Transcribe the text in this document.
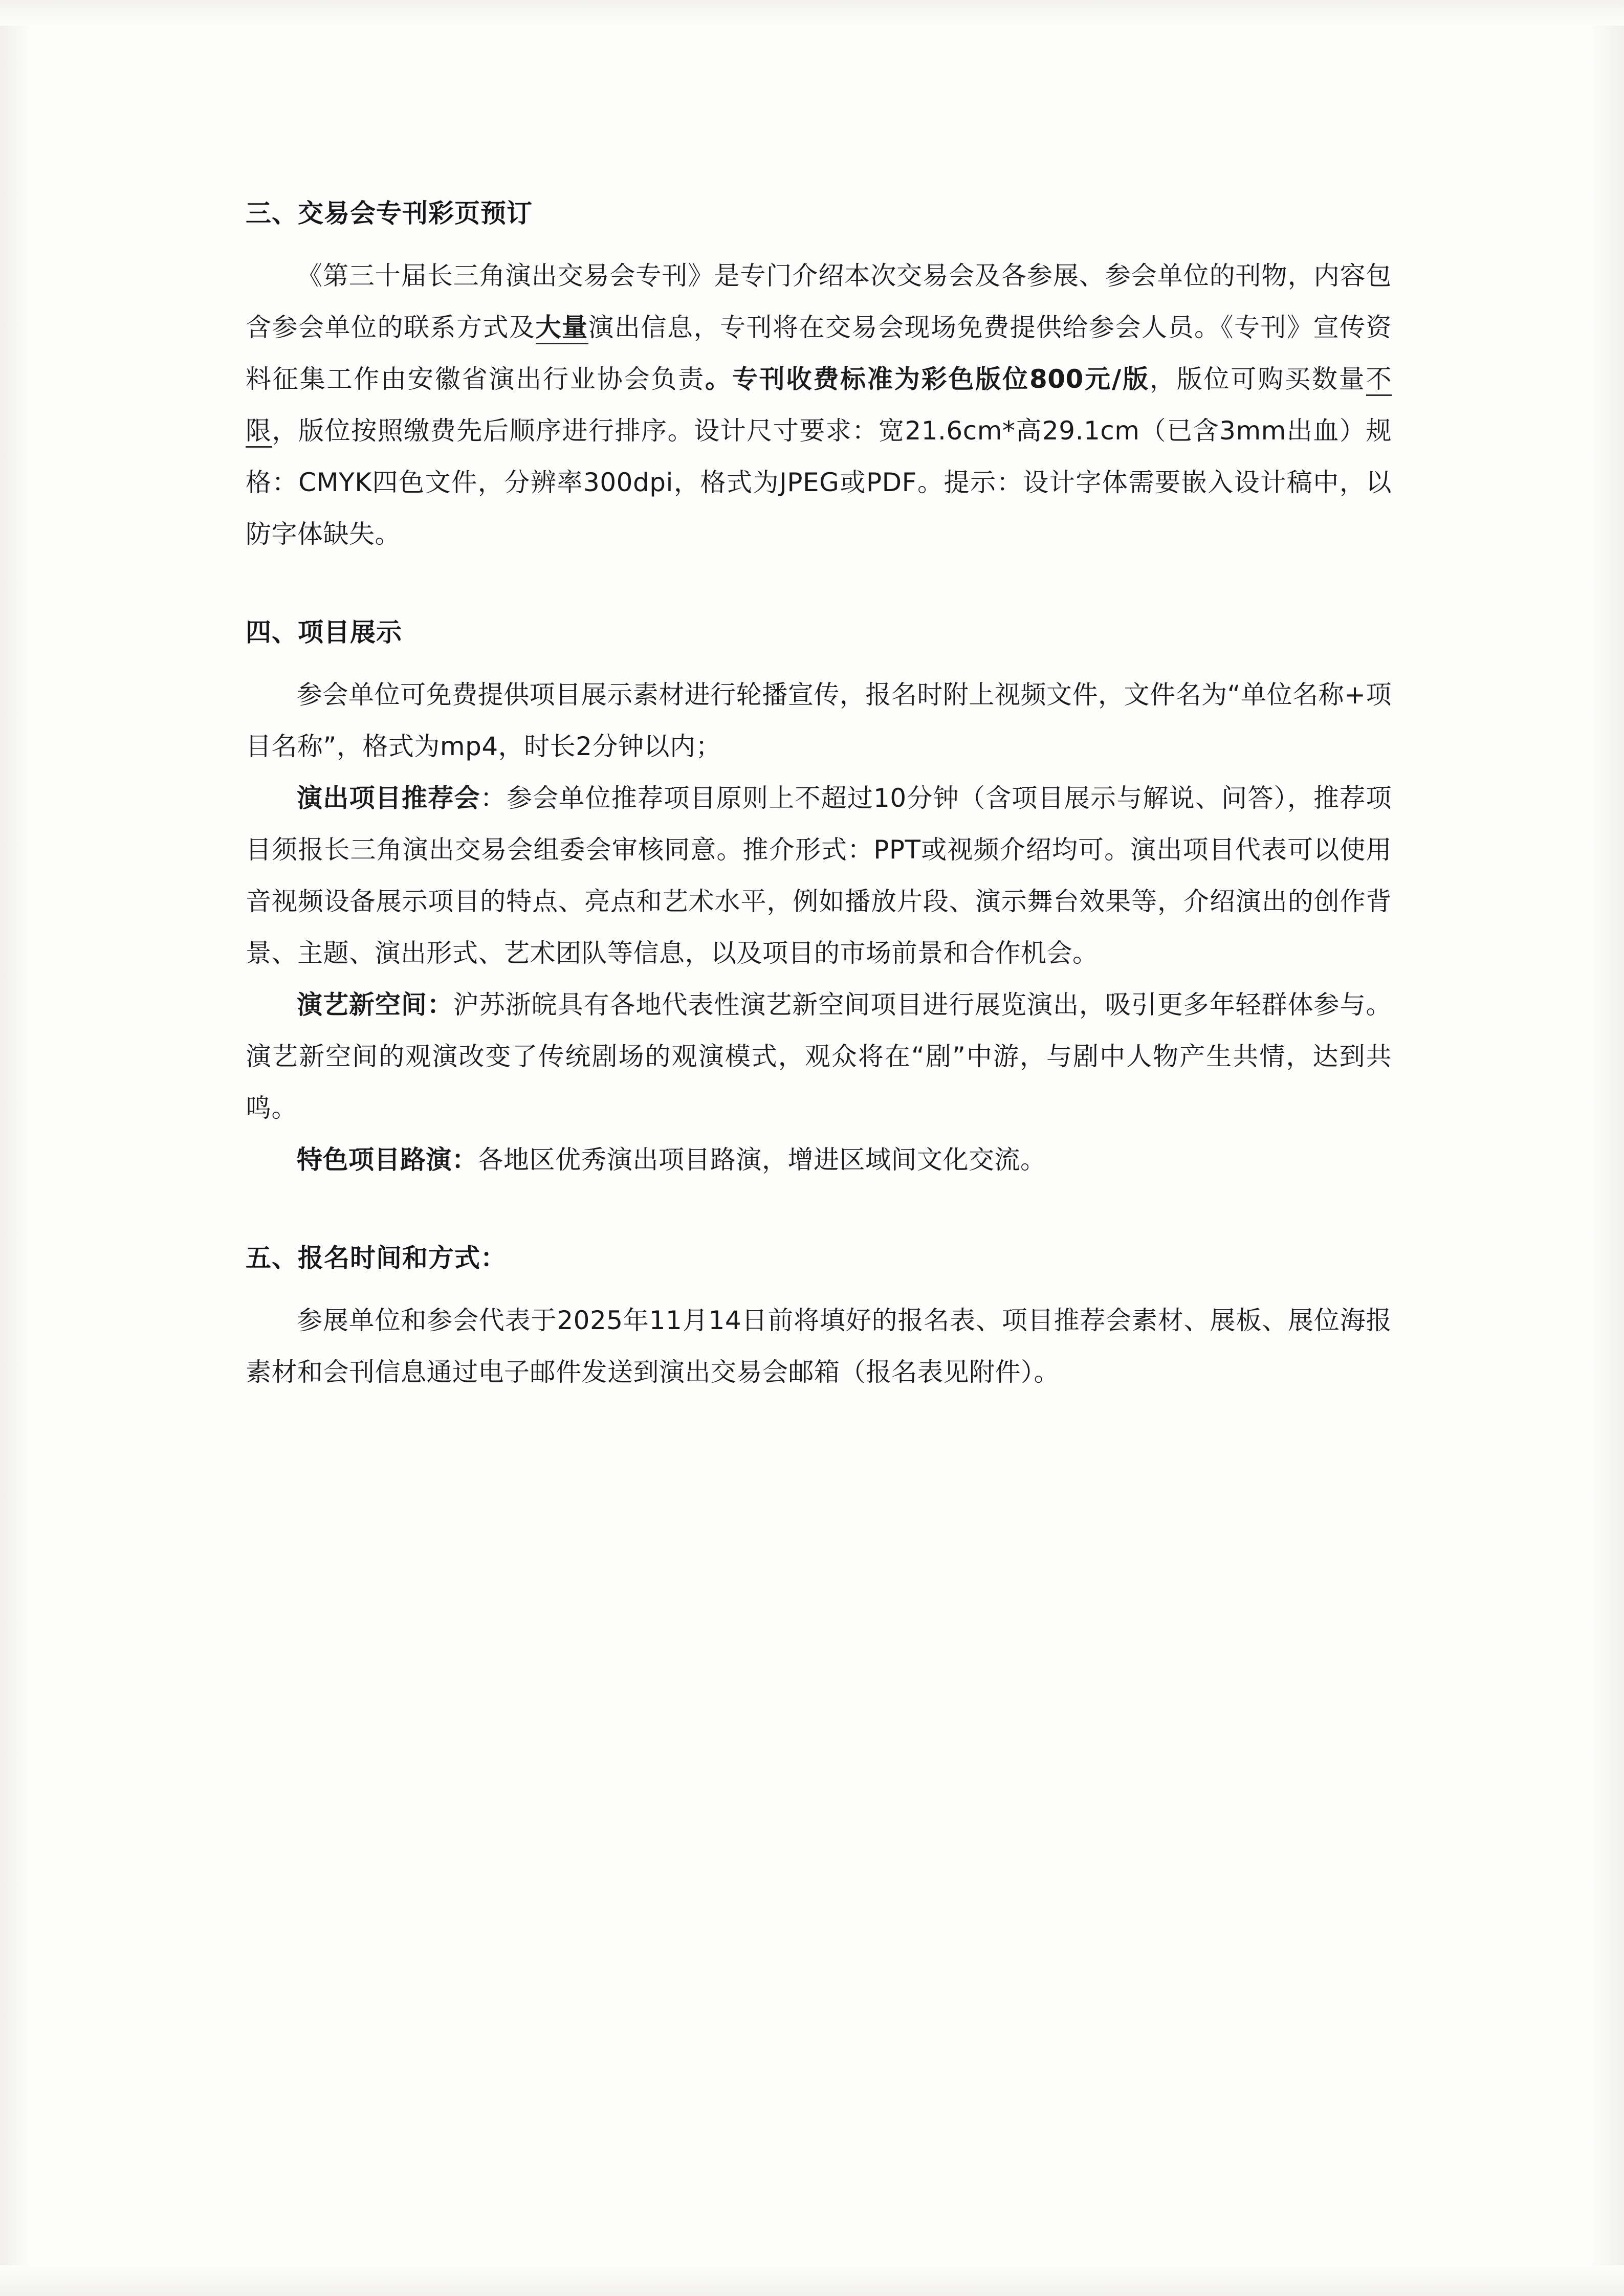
三、交易会专刊彩页预订

《第三十届长三角演出交易会专刊》是专门介绍本次交易会及各参展、参会单位的刊物，内容包含参会单位的联系方式及大量演出信息，专刊将在交易会现场免费提供给参会人员。《专刊》宣传资料征集工作由安徽省演出行业协会负责。专刊收费标准为彩色版位800元/版，版位可购买数量不限，版位按照缴费先后顺序进行排序。设计尺寸要求：宽21.6cm*高29.1cm（已含3mm出血）规格：CMYK四色文件，分辨率300dpi，格式为JPEG或PDF。提示：设计字体需要嵌入设计稿中，以防字体缺失。

四、项目展示

参会单位可免费提供项目展示素材进行轮播宣传，报名时附上视频文件，文件名为“单位名称+项目名称”，格式为mp4，时长2分钟以内；

演出项目推荐会：参会单位推荐项目原则上不超过10分钟（含项目展示与解说、问答），推荐项目须报长三角演出交易会组委会审核同意。推介形式：PPT或视频介绍均可。演出项目代表可以使用音视频设备展示项目的特点、亮点和艺术水平，例如播放片段、演示舞台效果等，介绍演出的创作背景、主题、演出形式、艺术团队等信息，以及项目的市场前景和合作机会。

演艺新空间：沪苏浙皖具有各地代表性演艺新空间项目进行展览演出，吸引更多年轻群体参与。演艺新空间的观演改变了传统剧场的观演模式，观众将在“剧”中游，与剧中人物产生共情，达到共鸣。

特色项目路演：各地区优秀演出项目路演，增进区域间文化交流。

五、报名时间和方式：

参展单位和参会代表于2025年11月14日前将填好的报名表、项目推荐会素材、展板、展位海报素材和会刊信息通过电子邮件发送到演出交易会邮箱（报名表见附件）。
